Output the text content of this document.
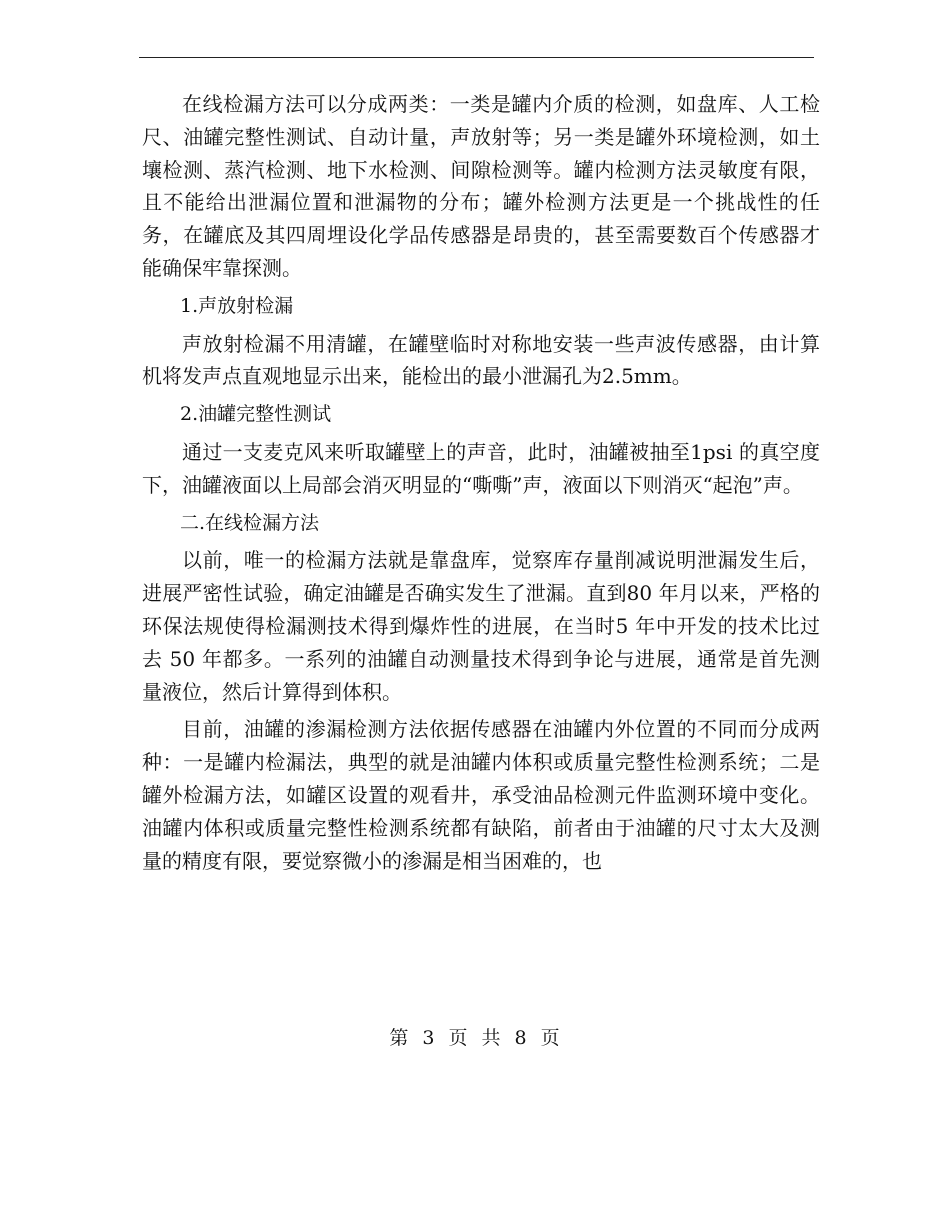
在线检漏方法可以分成两类：一类是罐内介质的检测，如盘库、人工检尺、油罐完整性测试、自动计量，声放射等；另一类是罐外环境检测，如土壤检测、蒸汽检测、地下水检测、间隙检测等。罐内检测方法灵敏度有限，且不能给出泄漏位置和泄漏物的分布；罐外检测方法更是一个挑战性的任务，在罐底及其四周埋设化学品传感器是昂贵的，甚至需要数百个传感器才能确保牢靠探测。

1.声放射检漏

声放射检漏不用清罐，在罐壁临时对称地安装一些声波传感器，由计算机将发声点直观地显示出来，能检出的最小泄漏孔为2.5mm。

2.油罐完整性测试

通过一支麦克风来听取罐壁上的声音，此时，油罐被抽至1psi 的真空度下，油罐液面以上局部会消灭明显的“嘶嘶”声，液面以下则消灭“起泡”声。

二.在线检漏方法

以前，唯一的检漏方法就是靠盘库，觉察库存量削减说明泄漏发生后，进展严密性试验，确定油罐是否确实发生了泄漏。直到80 年月以来，严格的环保法规使得检漏测技术得到爆炸性的进展，在当时5 年中开发的技术比过去 50 年都多。一系列的油罐自动测量技术得到争论与进展，通常是首先测量液位，然后计算得到体积。

目前，油罐的渗漏检测方法依据传感器在油罐内外位置的不同而分成两种：一是罐内检漏法，典型的就是油罐内体积或质量完整性检测系统；二是罐外检漏方法，如罐区设置的观看井，承受油品检测元件监测环境中变化。油罐内体积或质量完整性检测系统都有缺陷，前者由于油罐的尺寸太大及测量的精度有限，要觉察微小的渗漏是相当困难的，也

第 3 页 共 8 页
